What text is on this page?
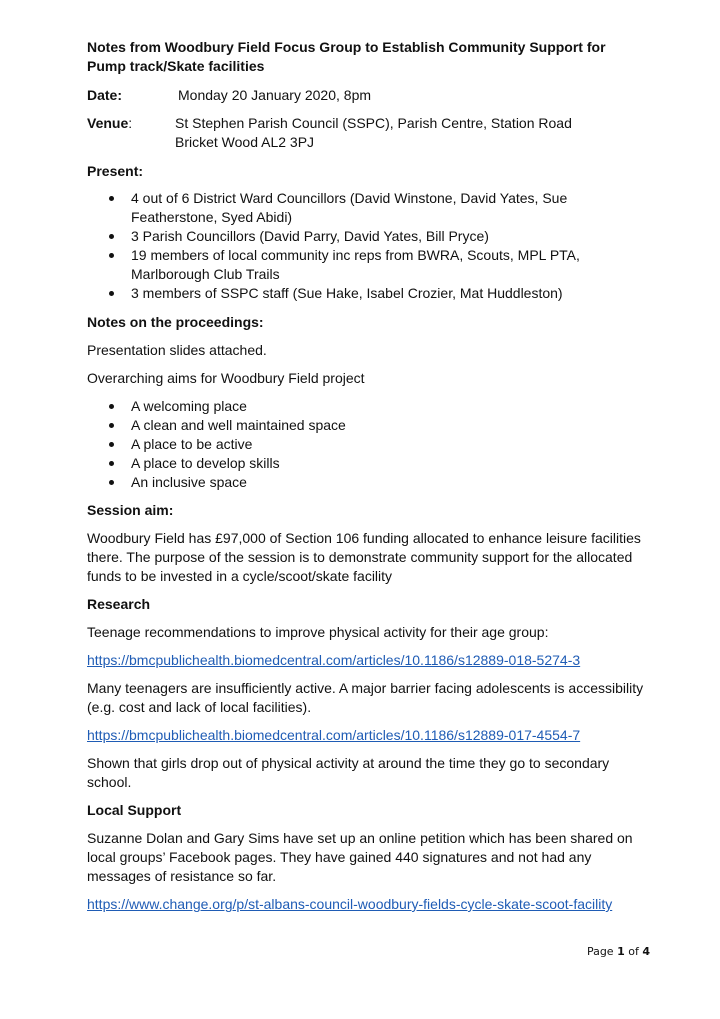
Notes from Woodbury Field Focus Group to Establish Community Support for Pump track/Skate facilities

Date:	Monday 20 January 2020, 8pm

Venue:	St Stephen Parish Council (SSPC), Parish Centre, Station Road

Bricket Wood AL2 3PJ

Present:

4 out of 6 District Ward Councillors (David Winstone, David Yates, Sue Featherstone, Syed Abidi)
3 Parish Councillors (David Parry, David Yates, Bill Pryce)
19 members of local community inc reps from BWRA, Scouts, MPL PTA, Marlborough Club Trails
3 members of SSPC staff (Sue Hake, Isabel Crozier, Mat Huddleston)

Notes on the proceedings:

Presentation slides attached.

Overarching aims for Woodbury Field project

A welcoming place
A clean and well maintained space
A place to be active
A place to develop skills
An inclusive space

Session aim:

Woodbury Field has £97,000 of Section 106 funding allocated to enhance leisure facilities there. The purpose of the session is to demonstrate community support for the allocated funds to be invested in a cycle/scoot/skate facility

Research

Teenage recommendations to improve physical activity for their age group:

https://bmcpublichealth.biomedcentral.com/articles/10.1186/s12889-018-5274-3

Many teenagers are insufficiently active. A major barrier facing adolescents is accessibility (e.g. cost and lack of local facilities).

https://bmcpublichealth.biomedcentral.com/articles/10.1186/s12889-017-4554-7

Shown that girls drop out of physical activity at around the time they go to secondary school.

Local Support

Suzanne Dolan and Gary Sims have set up an online petition which has been shared on local groups’ Facebook pages. They have gained 440 signatures and not had any messages of resistance so far.

https://www.change.org/p/st-albans-council-woodbury-fields-cycle-skate-scoot-facility
Page 1 of 4
